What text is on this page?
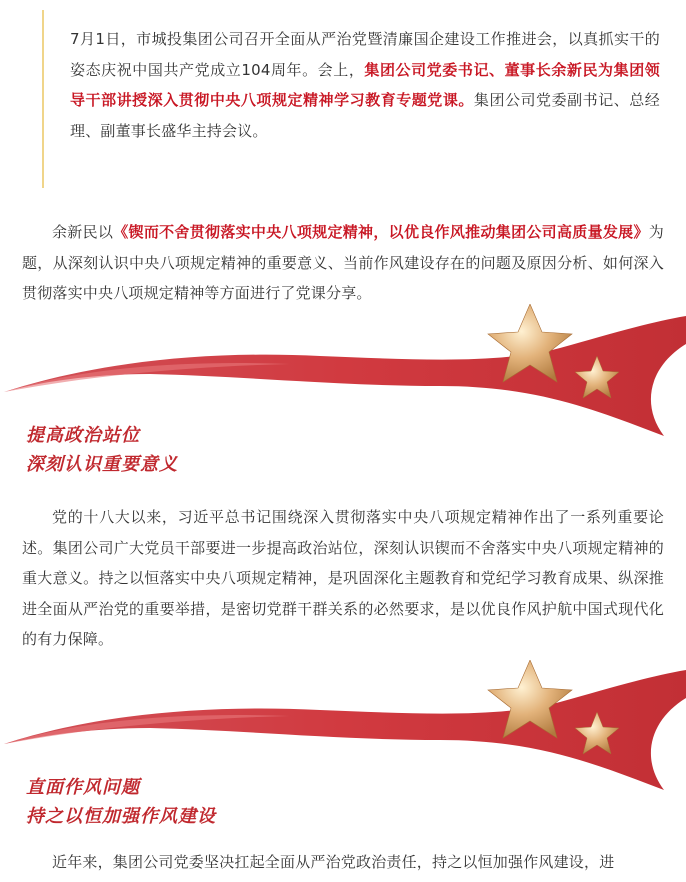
7月1日，市城投集团公司召开全面从严治党暨清廉国企建设工作推进会，以真抓实干的姿态庆祝中国共产党成立104周年。会上，集团公司党委书记、董事长余新民为集团领导干部讲授深入贯彻中央八项规定精神学习教育专题党课。集团公司党委副书记、总经理、副董事长盛华主持会议。

余新民以《锲而不舍贯彻落实中央八项规定精神，以优良作风推动集团公司高质量发展》为题，从深刻认识中央八项规定精神的重要意义、当前作风建设存在的问题及原因分析、如何深入贯彻落实中央八项规定精神等方面进行了党课分享。

提高政治站位
深刻认识重要意义

党的十八大以来，习近平总书记围绕深入贯彻落实中央八项规定精神作出了一系列重要论述。集团公司广大党员干部要进一步提高政治站位，深刻认识锲而不舍落实中央八项规定精神的重大意义。持之以恒落实中央八项规定精神，是巩固深化主题教育和党纪学习教育成果、纵深推进全面从严治党的重要举措，是密切党群干群关系的必然要求，是以优良作风护航中国式现代化的有力保障。

直面作风问题
持之以恒加强作风建设

近年来，集团公司党委坚决扛起全面从严治党政治责任，持之以恒加强作风建设，进
